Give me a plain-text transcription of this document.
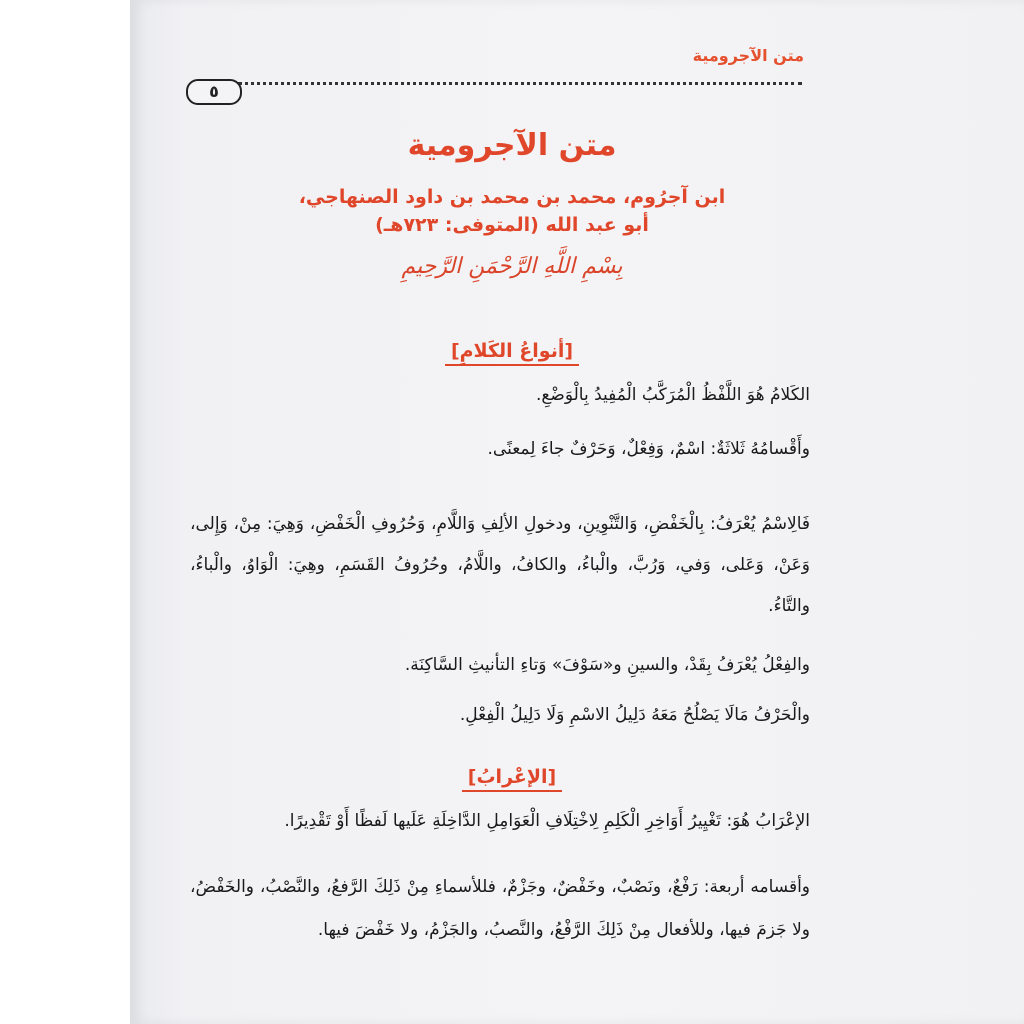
متن الآجرومية
٥
متن الآجرومية
ابن آجرُوم، محمد بن محمد بن داود الصنهاجي،
أبو عبد الله (المتوفى: ٧٢٣هـ)
بِسْمِ اللَّهِ الرَّحْمَنِ الرَّحِيمِ
[أنواعُ الكَلامِ]

الكَلامُ هُوَ اللَّفْظُ الْمُرَكَّبُ الْمُفِيدُ بِالْوَضْعِ.

وأَقْسامُهُ ثَلاثَةٌ: اسْمٌ، وَفِعْلٌ، وَحَرْفٌ جاءَ لِمعنًى.

فَالِاسْمُ يُعْرَفُ: بِالْخَفْضِ، وَالتَّنْوِينِ، ودخولِ الألِفِ وَاللَّامِ، وَحُرُوفِ الْخَفْضِ، وَهِيَ: مِنْ، وَإِلى، وَعَنْ، وَعَلى، وَفي، وَرُبَّ، والْباءُ، والكافُ، واللَّامُ، وحُرُوفُ القَسَمِ، وهِيَ: الْوَاوُ، والْباءُ، والتَّاءُ.

والفِعْلُ يُعْرَفُ بِقَدْ، والسينِ و«سَوْفَ» وَتاءِ التأنيثِ السَّاكِنَة.

والْحَرْفُ مَالَا يَصْلُحُ مَعَهُ دَلِيلُ الاسْمِ وَلَا دَلِيلُ الْفِعْلِ.

[الإعْرابُ]

الإعْرَابُ هُوَ: تَغْيِيرُ أَوَاخِرِ الْكَلِمِ لِاخْتِلَافِ الْعَوَامِلِ الدَّاخِلَةِ عَلَيها لَفظًا أَوْ تَقْدِيرًا.

وأقسامه أربعة: رَفْعٌ، ونَصْبٌ، وخَفْضٌ، وجَزْمٌ، فللأسماءِ مِنْ ذَلِكَ الرَّفعُ، والنَّصْبُ، والخَفْضُ، ولا جَزمَ فيها، وللأفعال مِنْ ذَلِكَ الرَّفْعُ، والنَّصبُ، والجَزْمُ، ولا خَفْضَ فيها.
